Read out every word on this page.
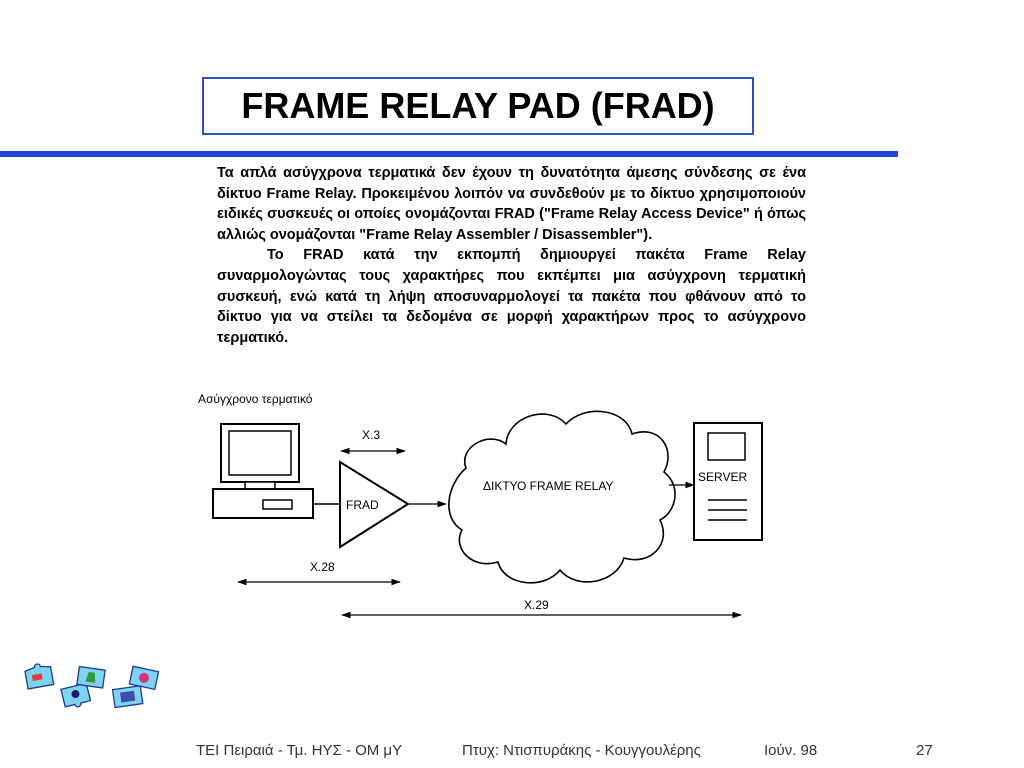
FRAME RELAY PAD (FRAD)

Τα απλά ασύγχρονα τερματικά δεν έχουν τη δυνατότητα άμεσης σύνδεσης σε ένα δίκτυο Frame Relay. Προκειμένου λοιπόν να συνδεθούν με το δίκτυο χρησιμοποιούν ειδικές συσκευές οι οποίες ονομάζονται FRAD ("Frame Relay Access Device" ή όπως αλλιώς ονομάζονται "Frame Relay Assembler / Disassembler").

Το FRAD κατά την εκπομπή δημιουργεί πακέτα Frame Relay συναρμολογώντας τους χαρακτήρες που εκπέμπει μια ασύγχρονη τερματική συσκευή, ενώ κατά τη λήψη αποσυναρμολογεί τα πακέτα που φθάνουν από το δίκτυο για να στείλει τα δεδομένα σε μορφή χαρακτήρων προς το ασύγχρονο τερματικό.

Ασύγχρονο τερματικό
X.3
FRAD
ΔΙΚΤΥΟ FRAME RELAY
SERVER
X.28
X.29
ΤΕΙ Πειραιά - Τμ. ΗΥΣ - ΟΜ μΥ	Πτυχ: Ντισπυράκης - Κουγγουλέρης	Ιούν. 98	27
